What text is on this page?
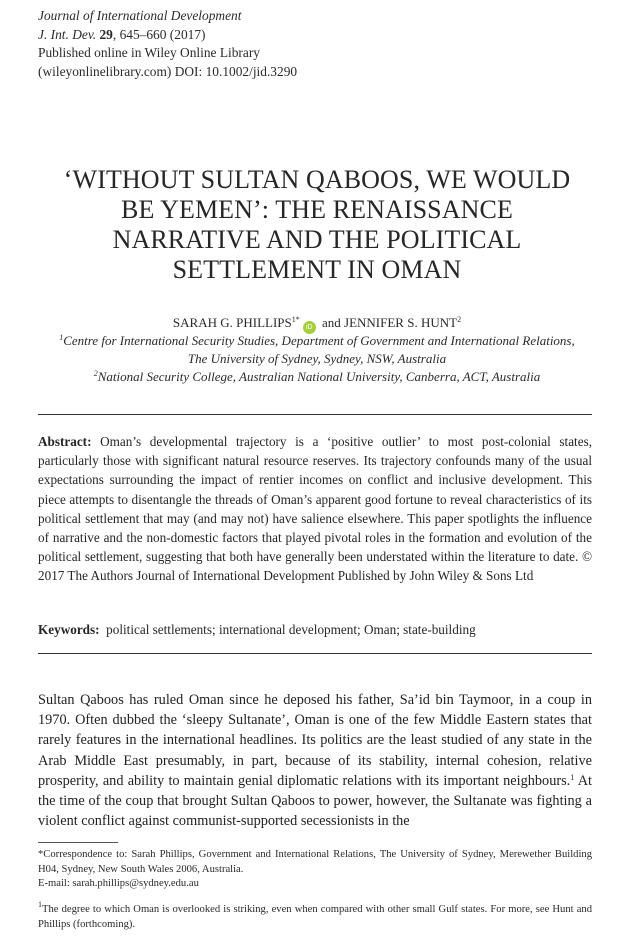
Journal of International Development
J. Int. Dev. 29, 645–660 (2017)
Published online in Wiley Online Library
(wileyonlinelibrary.com) DOI: 10.1002/jid.3290
‘WITHOUT SULTAN QABOOS, WE WOULD
BE YEMEN’: THE RENAISSANCE
NARRATIVE AND THE POLITICAL
SETTLEMENT IN OMAN
SARAH G. $PHILLIPS^{1*}iD$ and JENNIFER S. HUNT$^2$
$^1$Centre for International Security Studies, Department of Government and International Relations,
The University of Sydney, Sydney, NSW, Australia
$^2$National Security College, Australian National University, Canberra, ACT, Australia
Abstract: Oman’s developmental trajectory is a ‘positive outlier’ to most post-colonial states, particularly those with significant natural resource reserves. Its trajectory confounds many of the usual expectations surrounding the impact of rentier incomes on conflict and inclusive development. This piece attempts to disentangle the threads of Oman’s apparent good fortune to reveal characteristics of its political settlement that may (and may not) have salience elsewhere. This paper spotlights the influence of narrative and the non-domestic factors that played pivotal roles in the formation and evolution of the political settlement, suggesting that both have generally been understated within the literature to date. © 2017 The Authors Journal of International Development Published by John Wiley & Sons Ltd
Keywords:  political settlements; international development; Oman; state-building
Sultan Qaboos has ruled Oman since he deposed his father, Sa’id bin Taymoor, in a coup in 1970. Often dubbed the ‘sleepy Sultanate’, Oman is one of the few Middle Eastern states that rarely features in the international headlines. Its politics are the least studied of any state in the Arab Middle East presumably, in part, because of its stability, internal cohesion, relative prosperity, and ability to maintain genial diplomatic relations with its important neighbours.$^1$ At the time of the coup that brought Sultan Qaboos to power, however, the Sultanate was fighting a violent conflict against communist-supported secessionists in the
*Correspondence to: Sarah Phillips, Government and International Relations, The University of Sydney, Merewether Building H04, Sydney, New South Wales 2006, Australia.
E-mail: sarah.phillips@sydney.edu.au
$^1$The degree to which Oman is overlooked is striking, even when compared with other small Gulf states. For more, see Hunt and Phillips (forthcoming).
